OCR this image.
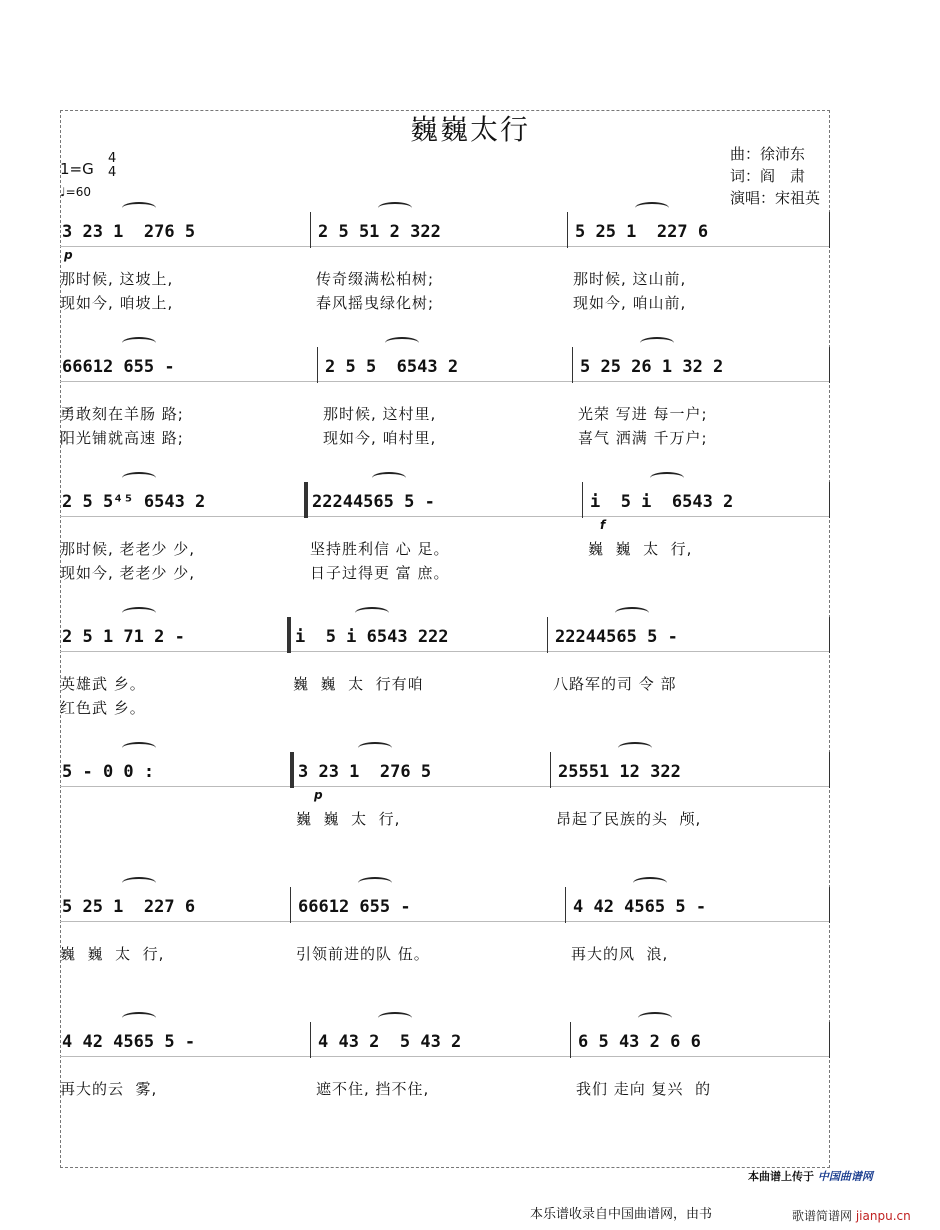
巍巍太行
曲：徐沛东
词：阎　肃
演唱：宋祖英
1=G
4
4
♩=60
3 23 1  276 5
那时候, 这坡上,
现如今, 咱坡上,
2 5 51 2 322
传奇缀满松柏树;
春风摇曳绿化树;
5 25 1  227 6
那时候, 这山前,
现如今, 咱山前,
p
66612 655 -
勇敢刻在羊肠 路;
阳光铺就高速 路;
2 5 5  6543 2
那时候, 这村里,
现如今, 咱村里,
5 25 26 1 32 2
光荣 写进 每一户;
喜气 洒满 千万户;
2 5 5⁴⁵ 6543 2
那时候, 老老少 少,
现如今, 老老少 少,
22244565 5 -
坚持胜利信 心 足。
日子过得更 富 庶。
i  5 i  6543 2
巍  巍  太  行,
f
2 5 1 71 2 -
英雄武 乡。
红色武 乡。
i  5 i 6543 222
巍  巍  太  行有咱
22244565 5 -
八路军的司 令 部
5 - 0 0 :	3 23 1  276 5
巍  巍  太  行,
25551 12 322
昂起了民族的头  颅,
p
5 25 1  227 6
巍  巍  太  行,
66612 655 -
引领前进的队 伍。
4 42 4565 5 -
再大的风  浪,
4 42 4565 5 -
再大的云  雾,
4 43 2  5 43 2
遮不住, 挡不住,
6 5 43 2 6 6
我们 走向 复兴  的
本曲谱上传于 中国曲谱网
本乐谱收录自中国曲谱网，由书	歌谱简谱网 jianpu.cn
